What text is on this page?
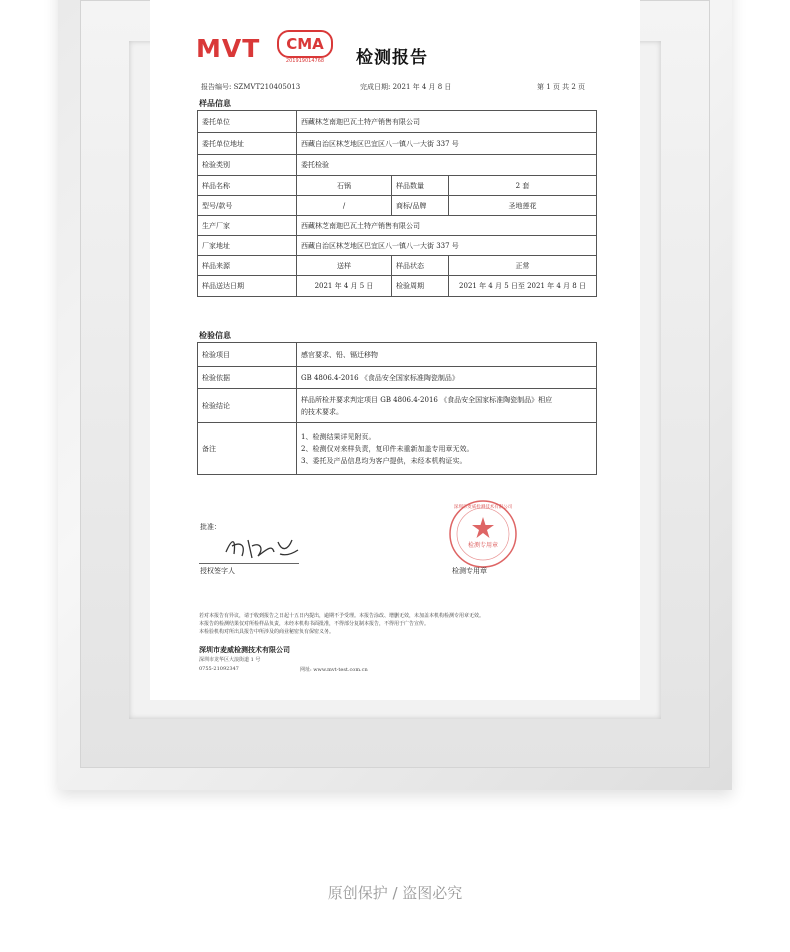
MVT	CMA
201919014768	检测报告
报告编号: SZMVT210405013	完成日期: 2021 年 4 月 8 日	第 1 页 共 2 页
样品信息
委托单位	西藏林芝南迦巴瓦土特产销售有限公司		
委托单位地址	西藏自治区林芝地区巴宜区八一镇八一大街 337 号		
检验类别	委托检验		
样品名称	石锅	样品数量	2 套
型号/款号	/	商标/品牌	圣地莲花
生产厂家	西藏林芝南迦巴瓦土特产销售有限公司		
厂家地址	西藏自治区林芝地区巴宜区八一镇八一大街 337 号		
样品来源	送样	样品状态	正常
样品送达日期	2021 年 4 月 5 日	检验周期	2021 年 4 月 5 日至 2021 年 4 月 8 日
检验信息
检验项目	感官要求、铅、镉迁移物
检验依据	GB 4806.4-2016 《食品安全国家标准陶瓷制品》
检验结论	样品所检并要求判定项目 GB 4806.4-2016 《食品安全国家标准陶瓷制品》相应
的技术要求。

备注	1、检测结果详见附页。
2、检测仅对来样负责，复印件未重新加盖专用章无效。
3、委托及产品信息均为客户提供，未经本机构证实。
批准：
授权签字人
检测专用章
深圳市麦威检测技术有限公司
检测专用章
若对本报告有异议，请于收到报告之日起十五日内提出，逾期不予受理。本报告涂改、增删无效，未加盖本机构检测专用章无效。
本报告的检测结果仅对所检样品负责，未经本机构书面批准，不得部分复制本报告，不得用于广告宣传。
本检验机构对所出具报告中所涉及的商业秘密负有保密义务。
深圳市麦威检测技术有限公司
深圳市龙华区大浪街道 1 号
0755-21092347	网址: www.mvt-test.com.cn
原创保护 / 盗图必究
